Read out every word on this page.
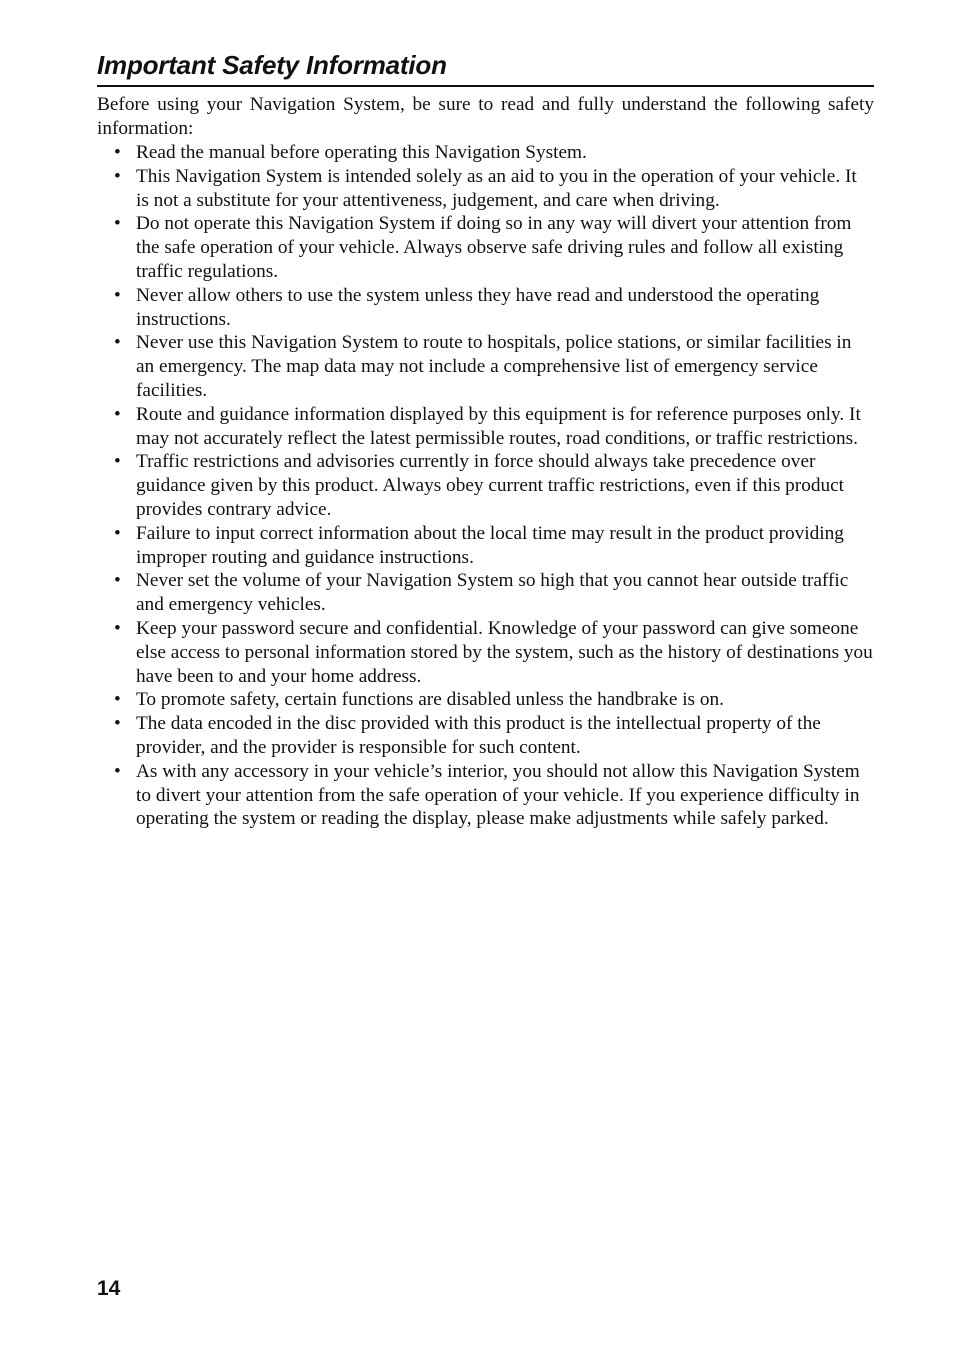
Important Safety Information

Before using your Navigation System, be sure to read and fully understand the following safety information:

• Read the manual before operating this Navigation System.
• This Navigation System is intended solely as an aid to you in the operation of your vehicle. It is not a substitute for your attentiveness, judgement, and care when driving.
• Do not operate this Navigation System if doing so in any way will divert your attention from the safe operation of your vehicle. Always observe safe driving rules and follow all existing traffic regulations.
• Never allow others to use the system unless they have read and understood the operating instructions.
• Never use this Navigation System to route to hospitals, police stations, or similar facilities in an emergency. The map data may not include a comprehensive list of emergency service facilities.
• Route and guidance information displayed by this equipment is for reference purposes only. It may not accurately reflect the latest permissible routes, road conditions, or traffic restrictions.
• Traffic restrictions and advisories currently in force should always take precedence over guidance given by this product. Always obey current traffic restrictions, even if this product provides contrary advice.
• Failure to input correct information about the local time may result in the product providing improper routing and guidance instructions.
• Never set the volume of your Navigation System so high that you cannot hear outside traffic and emergency vehicles.
• Keep your password secure and confidential. Knowledge of your password can give someone else access to personal information stored by the system, such as the history of destinations you have been to and your home address.
• To promote safety, certain functions are disabled unless the handbrake is on.
• The data encoded in the disc provided with this product is the intellectual property of the provider, and the provider is responsible for such content.
• As with any accessory in your vehicle’s interior, you should not allow this Navigation System to divert your attention from the safe operation of your vehicle. If you experience difficulty in operating the system or reading the display, please make adjustments while safely parked.
14
